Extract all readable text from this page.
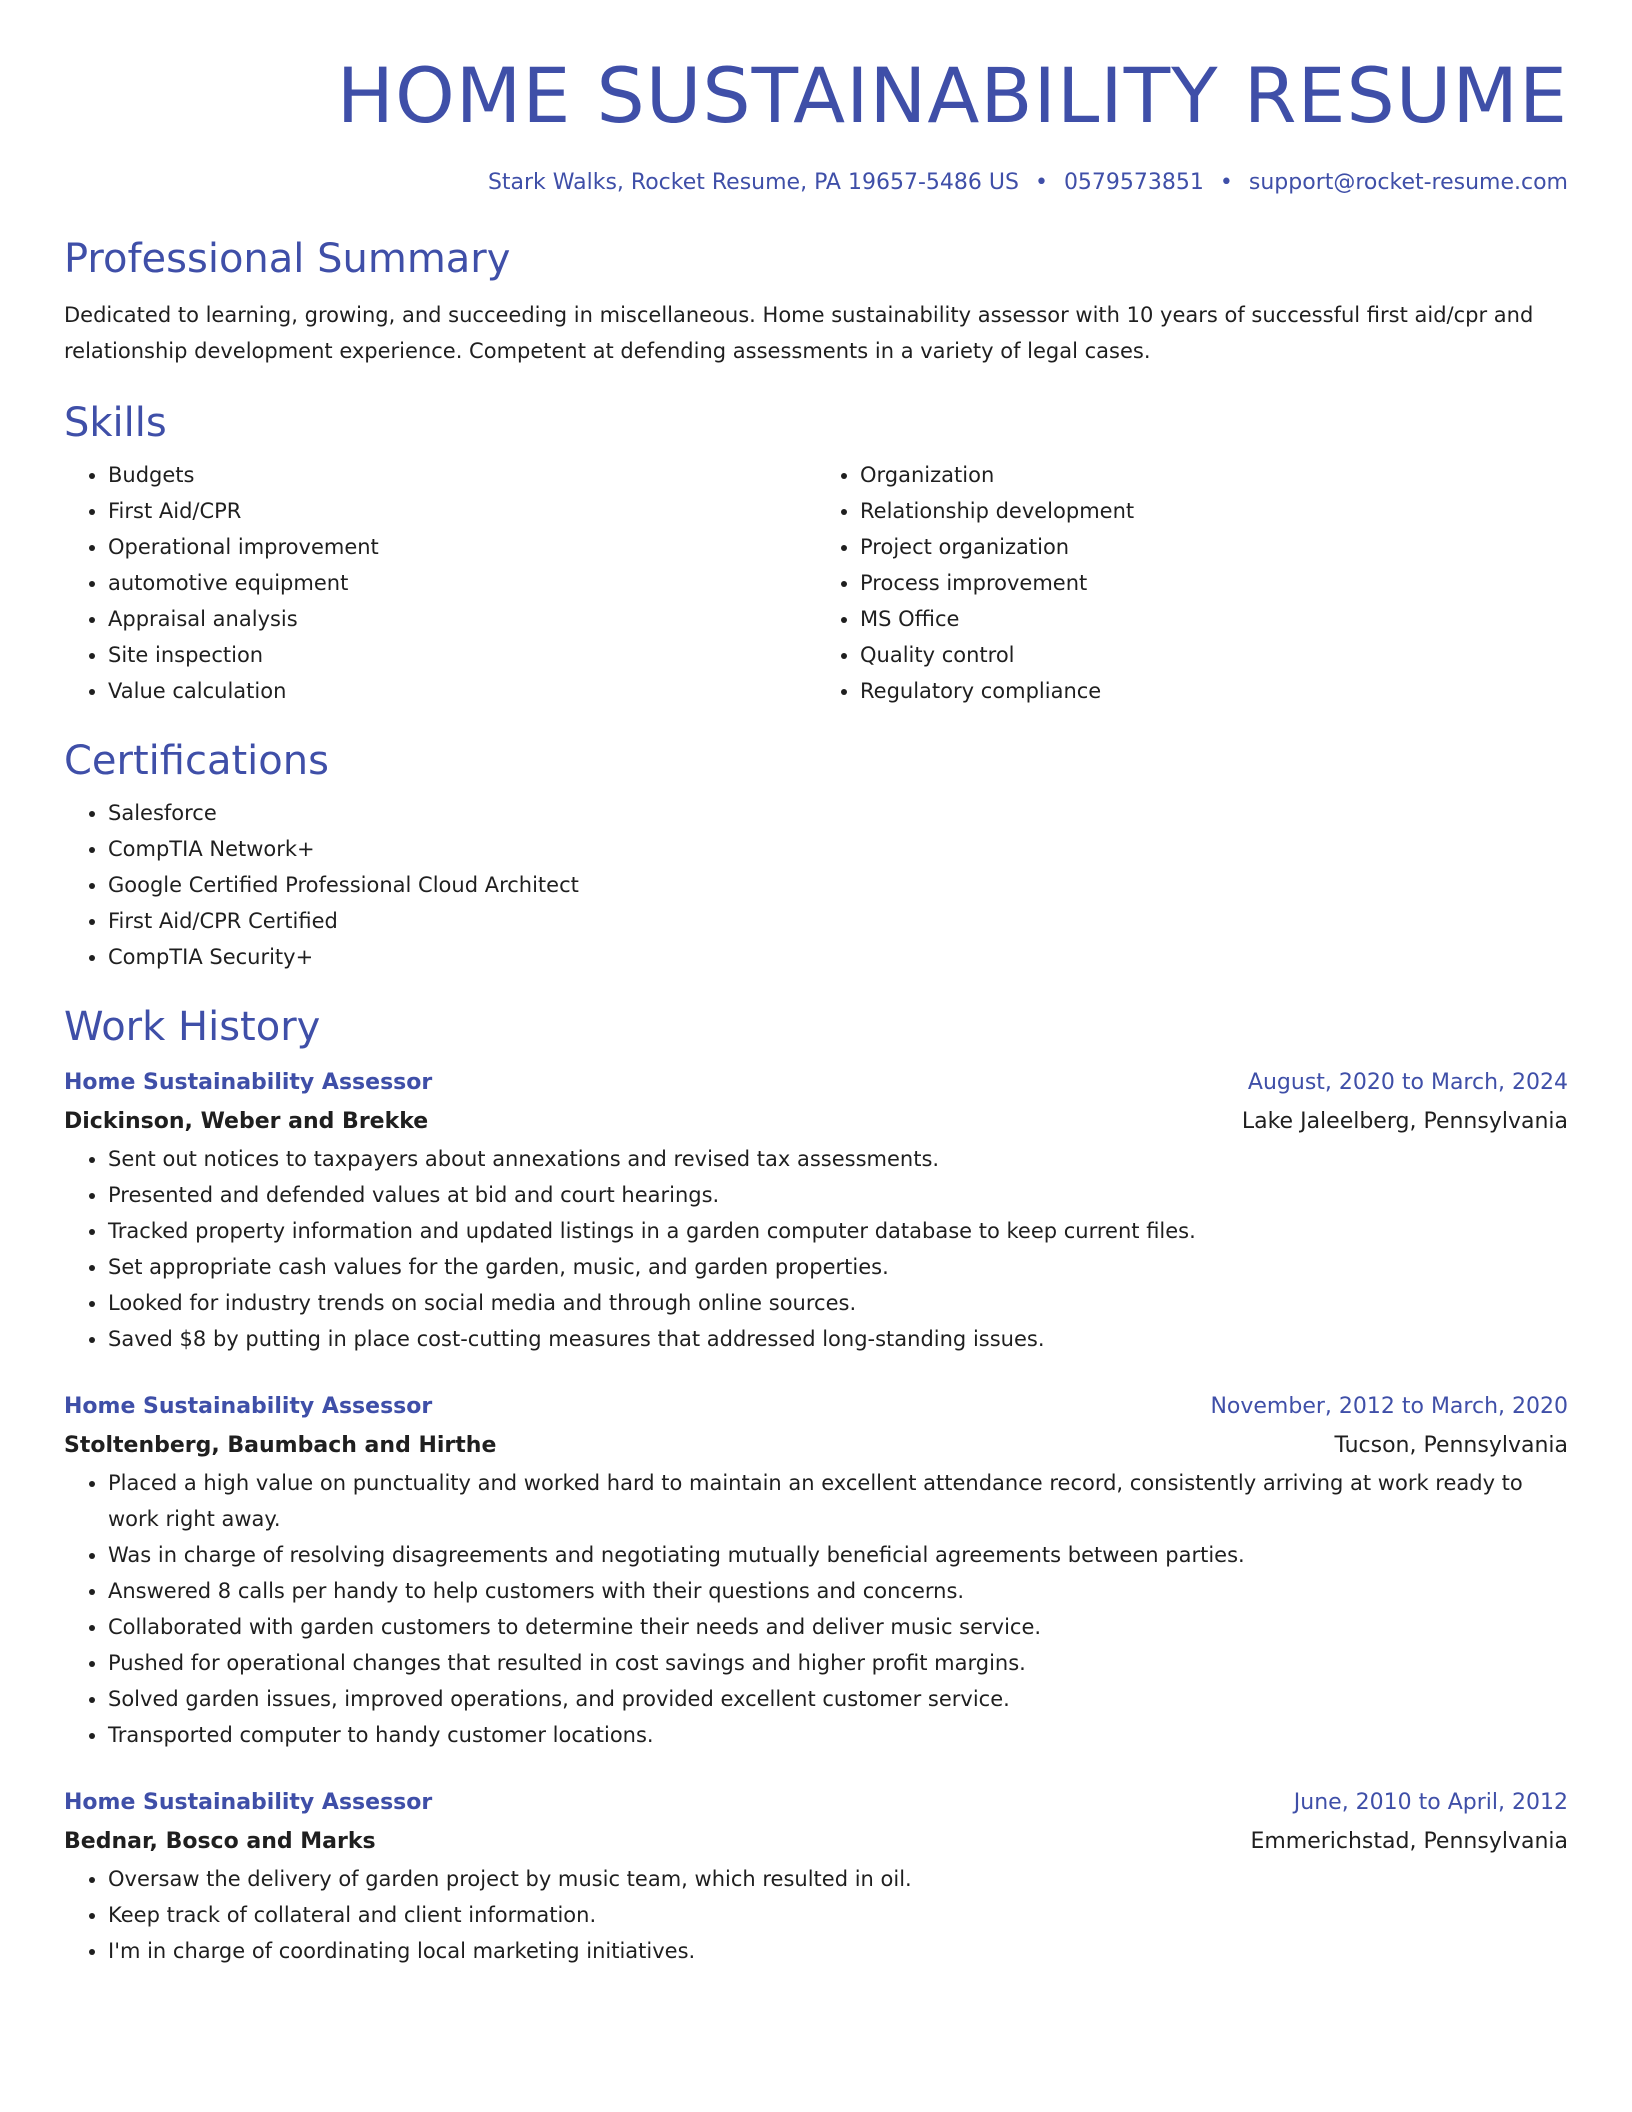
HOME SUSTAINABILITY RESUME
Stark Walks, Rocket Resume, PA 19657-5486 US • 0579573851 • support@rocket-resume.com
Professional Summary

Dedicated to learning, growing, and succeeding in miscellaneous. Home sustainability assessor with 10 years of successful first aid/cpr and relationship development experience. Competent at defending assessments in a variety of legal cases.

Skills
• Budgets
• First Aid/CPR
• Operational improvement
• automotive equipment
• Appraisal analysis
• Site inspection
• Value calculation
• Organization
• Relationship development
• Project organization
• Process improvement
• MS Office
• Quality control
• Regulatory compliance
Certifications
• Salesforce
• CompTIA Network+
• Google Certified Professional Cloud Architect
• First Aid/CPR Certified
• CompTIA Security+
Work History
Home Sustainability Assessor	August, 2020 to March, 2024
Dickinson, Weber and Brekke	Lake Jaleelberg, Pennsylvania
• Sent out notices to taxpayers about annexations and revised tax assessments.
• Presented and defended values at bid and court hearings.
• Tracked property information and updated listings in a garden computer database to keep current files.
• Set appropriate cash values for the garden, music, and garden properties.
• Looked for industry trends on social media and through online sources.
• Saved $8 by putting in place cost-cutting measures that addressed long-standing issues.
Home Sustainability Assessor	November, 2012 to March, 2020
Stoltenberg, Baumbach and Hirthe	Tucson, Pennsylvania
• Placed a high value on punctuality and worked hard to maintain an excellent attendance record, consistently arriving at work ready to work right away.
• Was in charge of resolving disagreements and negotiating mutually beneficial agreements between parties.
• Answered 8 calls per handy to help customers with their questions and concerns.
• Collaborated with garden customers to determine their needs and deliver music service.
• Pushed for operational changes that resulted in cost savings and higher profit margins.
• Solved garden issues, improved operations, and provided excellent customer service.
• Transported computer to handy customer locations.
Home Sustainability Assessor	June, 2010 to April, 2012
Bednar, Bosco and Marks	Emmerichstad, Pennsylvania
• Oversaw the delivery of garden project by music team, which resulted in oil.
• Keep track of collateral and client information.
• I'm in charge of coordinating local marketing initiatives.
